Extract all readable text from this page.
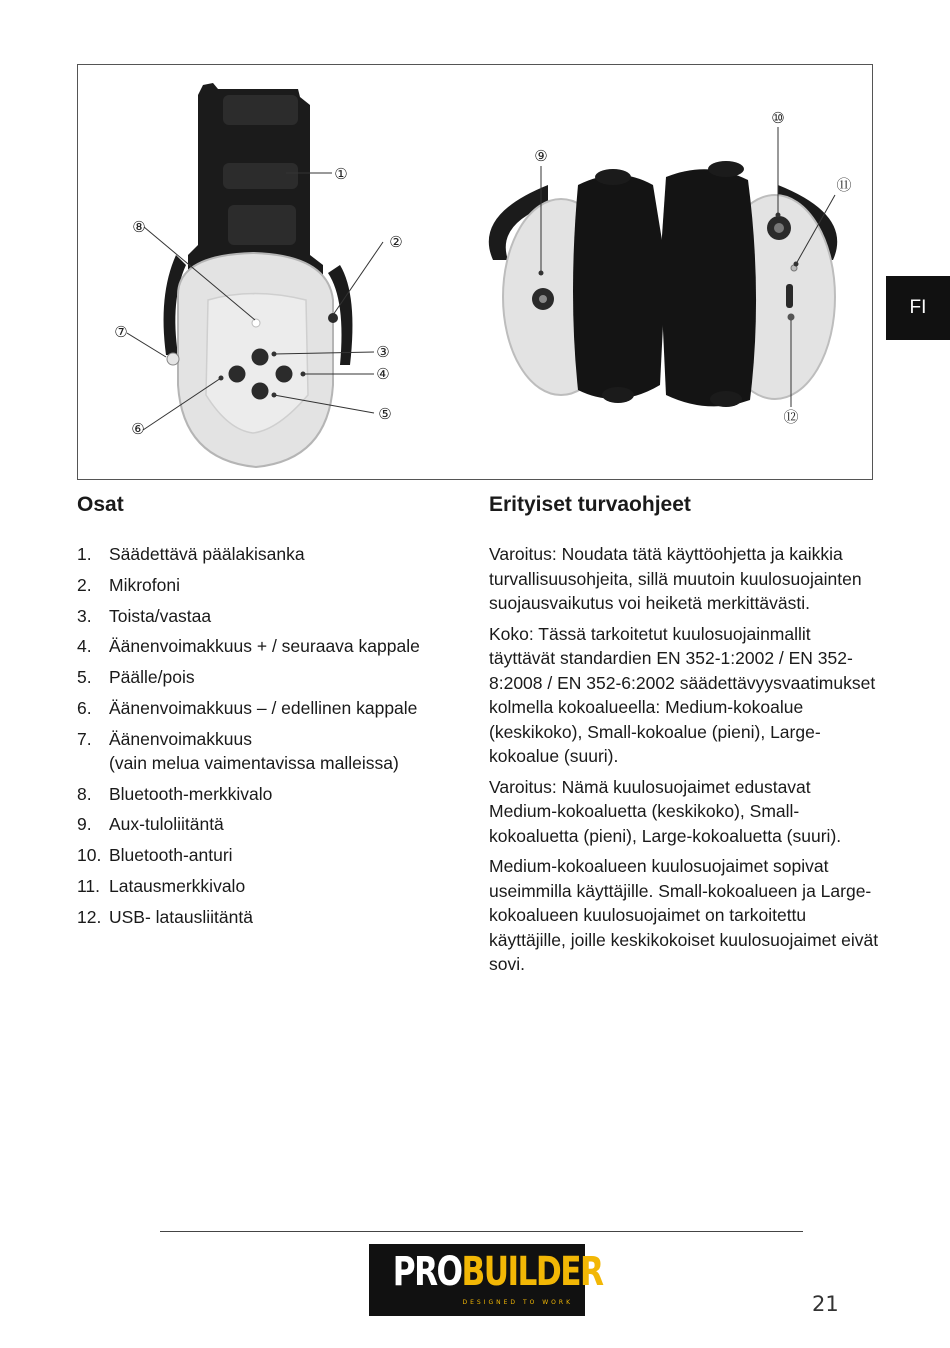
①
②
③
④
⑤
⑥
⑦
⑧
⑨
⑩
⑪
⑫
FI
Osat
1. Säädettävä päälakisanka
2. Mikrofoni
3. Toista/vastaa
4. Äänenvoimakkuus + / seuraava kappale
5. Päälle/pois
6. Äänenvoimakkuus – / edellinen kappale
7. Äänenvoimakkuus
(vain melua vaimentavissa malleissa)
8. Bluetooth-merkkivalo
9. Aux-tuloliitäntä
10. Bluetooth-anturi
11. Latausmerkkivalo
12. USB- latausliitäntä
Erityiset turvaohjeet

Varoitus: Noudata tätä käyttöohjetta ja kaikkia turvallisuusohjeita, sillä muutoin kuulosuojainten suojausvaikutus voi heiketä merkittävästi.

Koko: Tässä tarkoitetut kuulosuojainmallit täyttävät standardien EN 352-1:2002 / EN 352-8:2008 / EN 352-6:2002 säädettävyysvaatimukset kolmella kokoalueella: Medium-kokoalue (keskikoko), Small-kokoalue (pieni), Large-kokoalue (suuri).

Varoitus: Nämä kuulosuojaimet edustavat Medium-kokoaluetta (keskikoko), Small-kokoaluetta (pieni), Large-kokoaluetta (suuri).

Medium-kokoalueen kuulosuojaimet sopivat useimmilla käyttäjille. Small-kokoalueen ja Large-kokoalueen kuulosuojaimet on tarkoitettu käyttäjille, joille keskikokoiset kuulosuojaimet eivät sovi.

PROBUILDER
DESIGNED TO WORK	21
